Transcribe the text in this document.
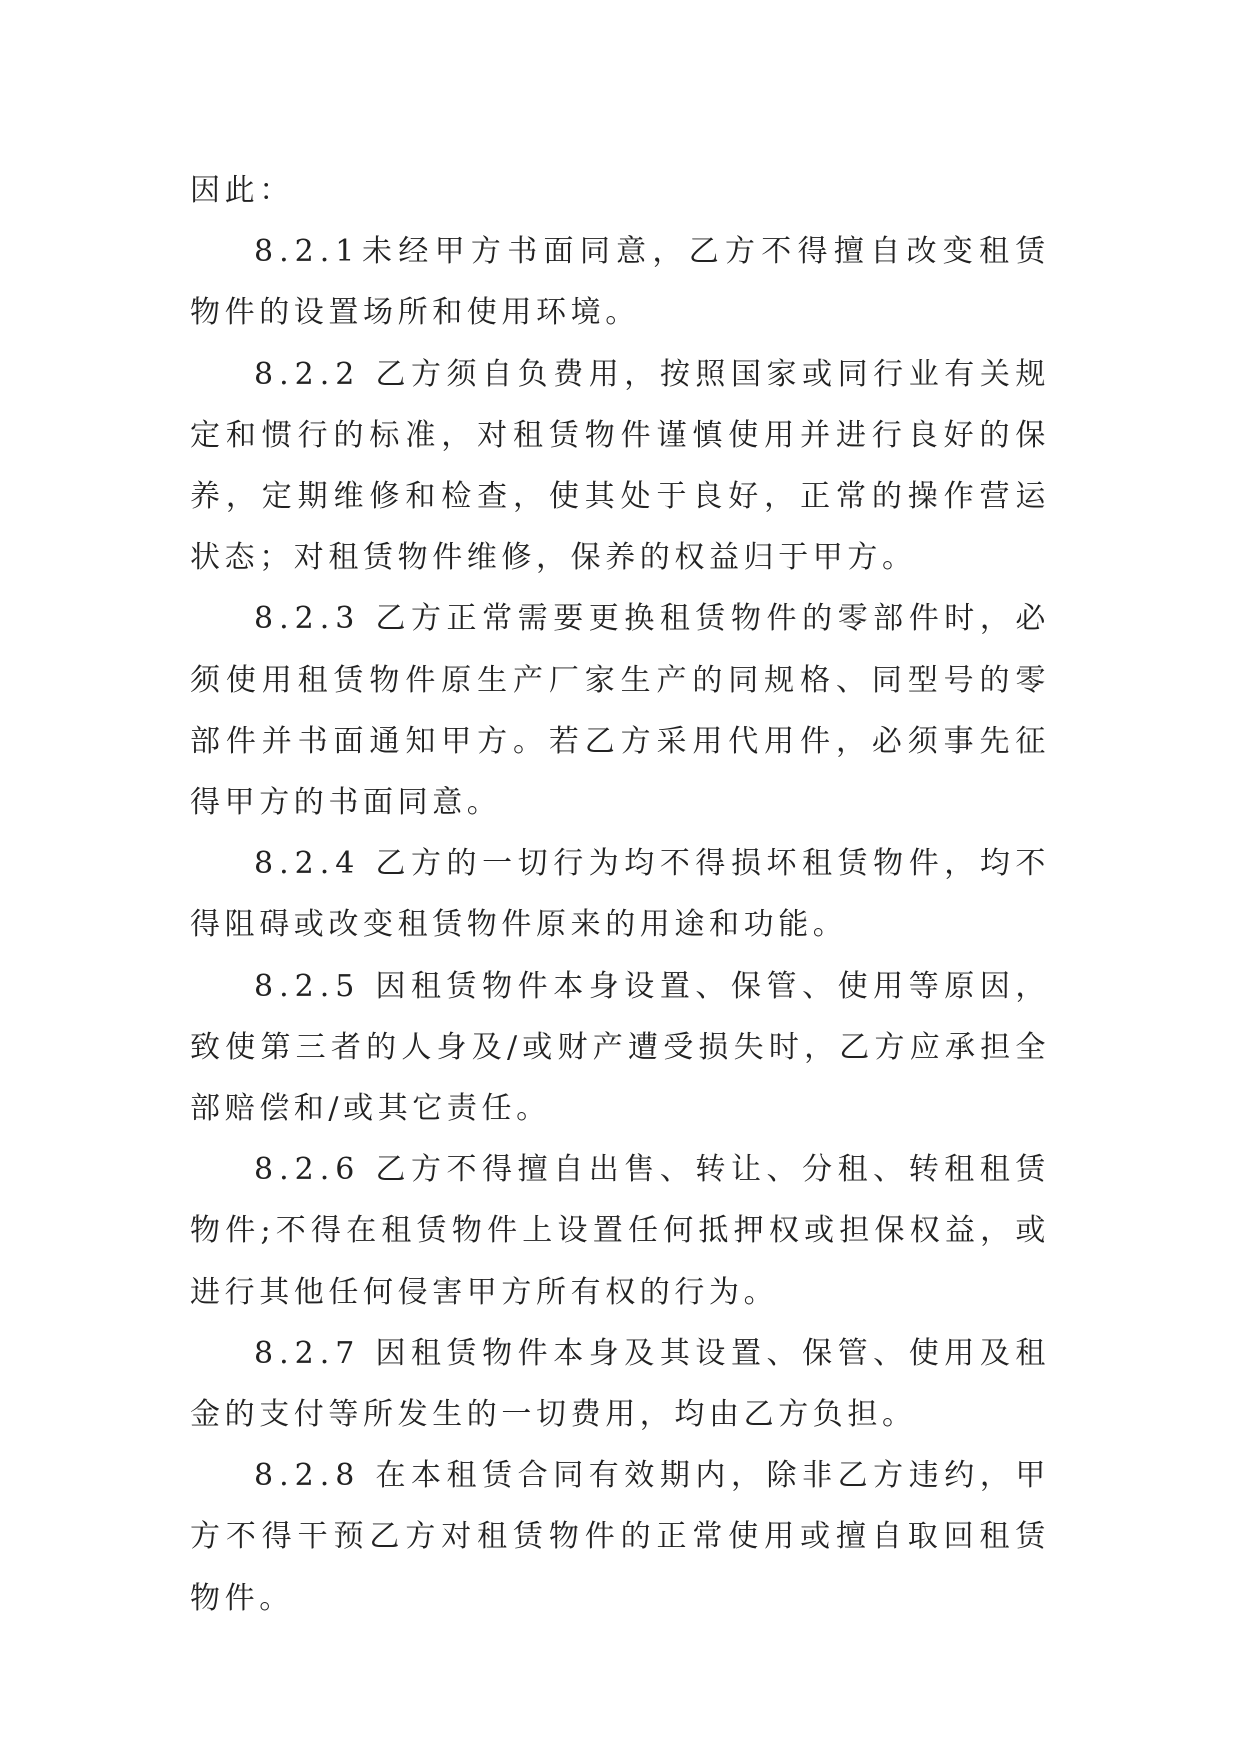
因此：

8.2.1未经甲方书面同意，乙方不得擅自改变租赁物件的设置场所和使用环境。

8.2.2 乙方须自负费用，按照国家或同行业有关规定和惯行的标准，对租赁物件谨慎使用并进行良好的保养，定期维修和检查，使其处于良好，正常的操作营运状态；对租赁物件维修，保养的权益归于甲方。

8.2.3 乙方正常需要更换租赁物件的零部件时，必须使用租赁物件原生产厂家生产的同规格、同型号的零部件并书面通知甲方。若乙方采用代用件，必须事先征得甲方的书面同意。

8.2.4 乙方的一切行为均不得损坏租赁物件，均不得阻碍或改变租赁物件原来的用途和功能。

8.2.5 因租赁物件本身设置、保管、使用等原因，致使第三者的人身及/或财产遭受损失时，乙方应承担全部赔偿和/或其它责任。

8.2.6 乙方不得擅自出售、转让、分租、转租租赁物件;不得在租赁物件上设置任何抵押权或担保权益，或进行其他任何侵害甲方所有权的行为。

8.2.7 因租赁物件本身及其设置、保管、使用及租金的支付等所发生的一切费用，均由乙方负担。

8.2.8 在本租赁合同有效期内，除非乙方违约，甲方不得干预乙方对租赁物件的正常使用或擅自取回租赁物件。
